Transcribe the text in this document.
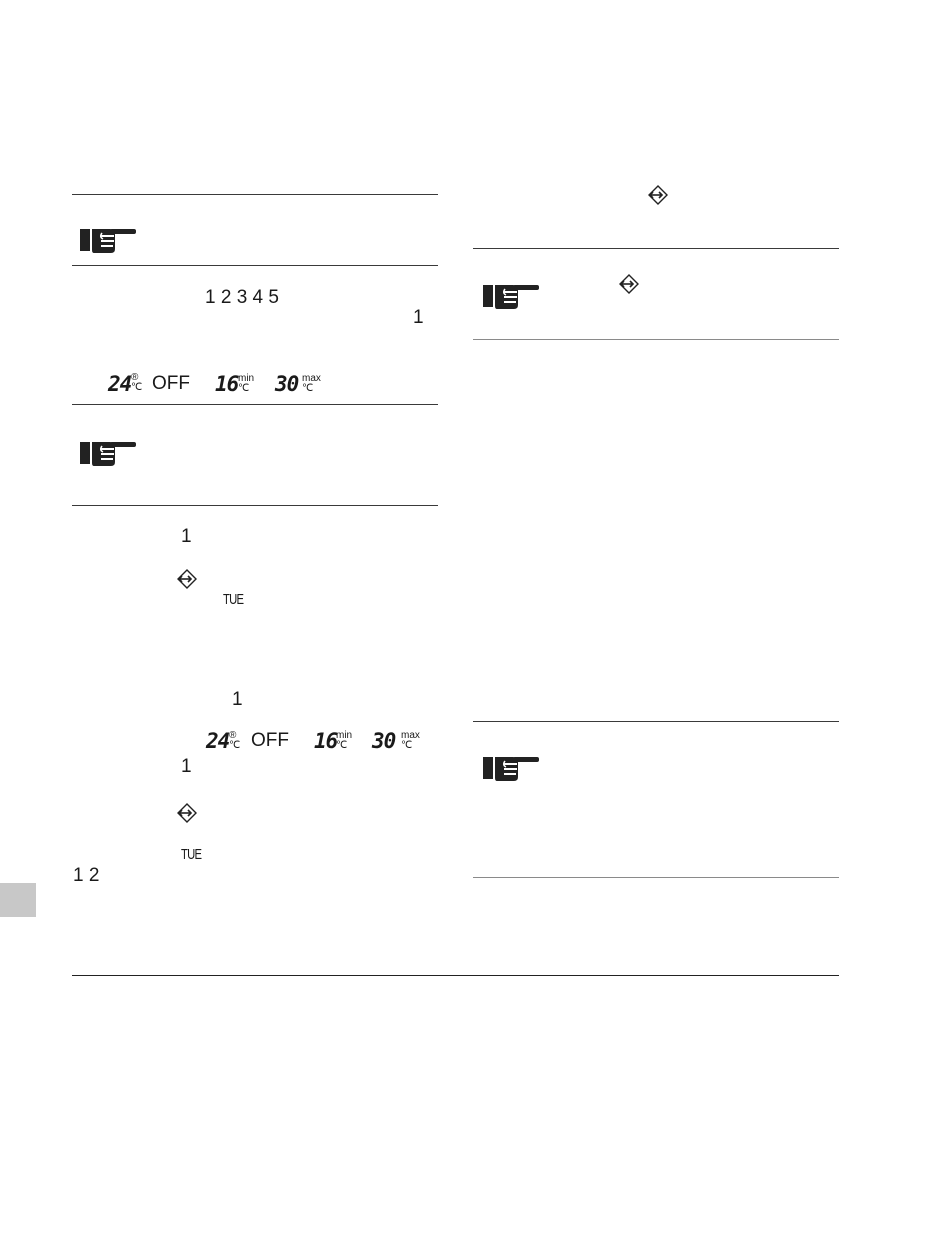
1 2 3 4 5
1
24 ℃
® OFF 16 min
℃ 30 max
℃
1
TUE
1
24 ℃
® OFF 16
min
℃ 30 max
℃
1
TUE
1 2
